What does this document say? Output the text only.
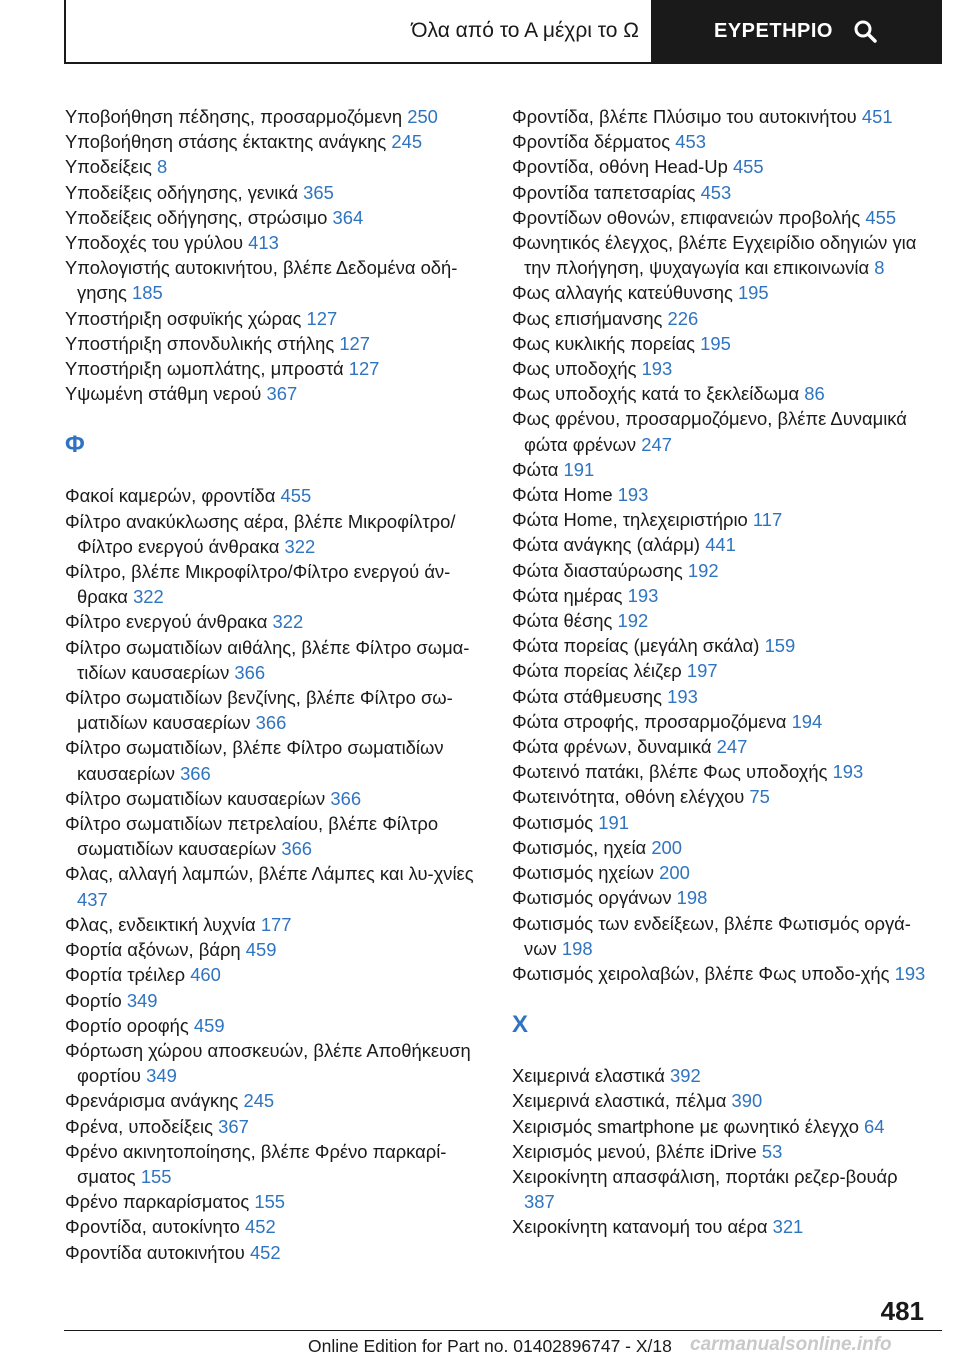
Όλα από το Α μέχρι το Ω	ΕΥΡΕΤΗΡΙΟ
Υποβοήθηση πέδησης, προσαρμοζόμενη 250
Υποβοήθηση στάσης έκτακτης ανάγκης 245
Υποδείξεις 8
Υποδείξεις οδήγησης, γενικά 365
Υποδείξεις οδήγησης, στρώσιμο 364
Υποδοχές του γρύλου 413
Υπολογιστής αυτοκινήτου, βλέπε Δεδομένα οδή-γησης 185
Υποστήριξη οσφυϊκής χώρας 127
Υποστήριξη σπονδυλικής στήλης 127
Υποστήριξη ωμοπλάτης, μπροστά 127
Υψωμένη στάθμη νερού 367
Φ
Φακοί καμερών, φροντίδα 455
Φίλτρο ανακύκλωσης αέρα, βλέπε Μικροφίλτρο/ Φίλτρο ενεργού άνθρακα 322
Φίλτρο, βλέπε Μικροφίλτρο/Φίλτρο ενεργού άν-θρακα 322
Φίλτρο ενεργού άνθρακα 322
Φίλτρο σωματιδίων αιθάλης, βλέπε Φίλτρο σωμα-τιδίων καυσαερίων 366
Φίλτρο σωματιδίων βενζίνης, βλέπε Φίλτρο σω-ματιδίων καυσαερίων 366
Φίλτρο σωματιδίων, βλέπε Φίλτρο σωματιδίων καυσαερίων 366
Φίλτρο σωματιδίων καυσαερίων 366
Φίλτρο σωματιδίων πετρελαίου, βλέπε Φίλτρο σωματιδίων καυσαερίων 366
Φλας, αλλαγή λαμπών, βλέπε Λάμπες και λυ-χνίες 437
Φλας, ενδεικτική λυχνία 177
Φορτία αξόνων, βάρη 459
Φορτία τρέιλερ 460
Φορτίο 349
Φορτίο οροφής 459
Φόρτωση χώρου αποσκευών, βλέπε Αποθήκευση φορτίου 349
Φρενάρισμα ανάγκης 245
Φρένα, υποδείξεις 367
Φρένο ακινητοποίησης, βλέπε Φρένο παρκαρί-σματος 155
Φρένο παρκαρίσματος 155
Φροντίδα, αυτοκίνητο 452
Φροντίδα αυτοκινήτου 452
Φροντίδα, βλέπε Πλύσιμο του αυτοκινήτου 451
Φροντίδα δέρματος 453
Φροντίδα, οθόνη Head-Up 455
Φροντίδα ταπετσαρίας 453
Φροντίδων οθονών, επιφανειών προβολής 455
Φωνητικός έλεγχος, βλέπε Εγχειρίδιο οδηγιών για την πλοήγηση, ψυχαγωγία και επικοινωνία 8
Φως αλλαγής κατεύθυνσης 195
Φως επισήμανσης 226
Φως κυκλικής πορείας 195
Φως υποδοχής 193
Φως υποδοχής κατά το ξεκλείδωμα 86
Φως φρένου, προσαρμοζόμενο, βλέπε Δυναμικά φώτα φρένων 247
Φώτα 191
Φώτα Home 193
Φώτα Home, τηλεχειριστήριο 117
Φώτα ανάγκης (αλάρμ) 441
Φώτα διασταύρωσης 192
Φώτα ημέρας 193
Φώτα θέσης 192
Φώτα πορείας (μεγάλη σκάλα) 159
Φώτα πορείας λέιζερ 197
Φώτα στάθμευσης 193
Φώτα στροφής, προσαρμοζόμενα 194
Φώτα φρένων, δυναμικά 247
Φωτεινό πατάκι, βλέπε Φως υποδοχής 193
Φωτεινότητα, οθόνη ελέγχου 75
Φωτισμός 191
Φωτισμός, ηχεία 200
Φωτισμός ηχείων 200
Φωτισμός οργάνων 198
Φωτισμός των ενδείξεων, βλέπε Φωτισμός οργά-νων 198
Φωτισμός χειρολαβών, βλέπε Φως υποδο-χής 193
Χ
Χειμερινά ελαστικά 392
Χειμερινά ελαστικά, πέλμα 390
Χειρισμός smartphone με φωνητικό έλεγχο 64
Χειρισμός μενού, βλέπε iDrive 53
Χειροκίνητη απασφάλιση, πορτάκι ρεζερ-βουάρ 387
Χειροκίνητη κατανομή του αέρα 321
481
Online Edition for Part no. 01402896747 - X/18 carmanualsonline.info
